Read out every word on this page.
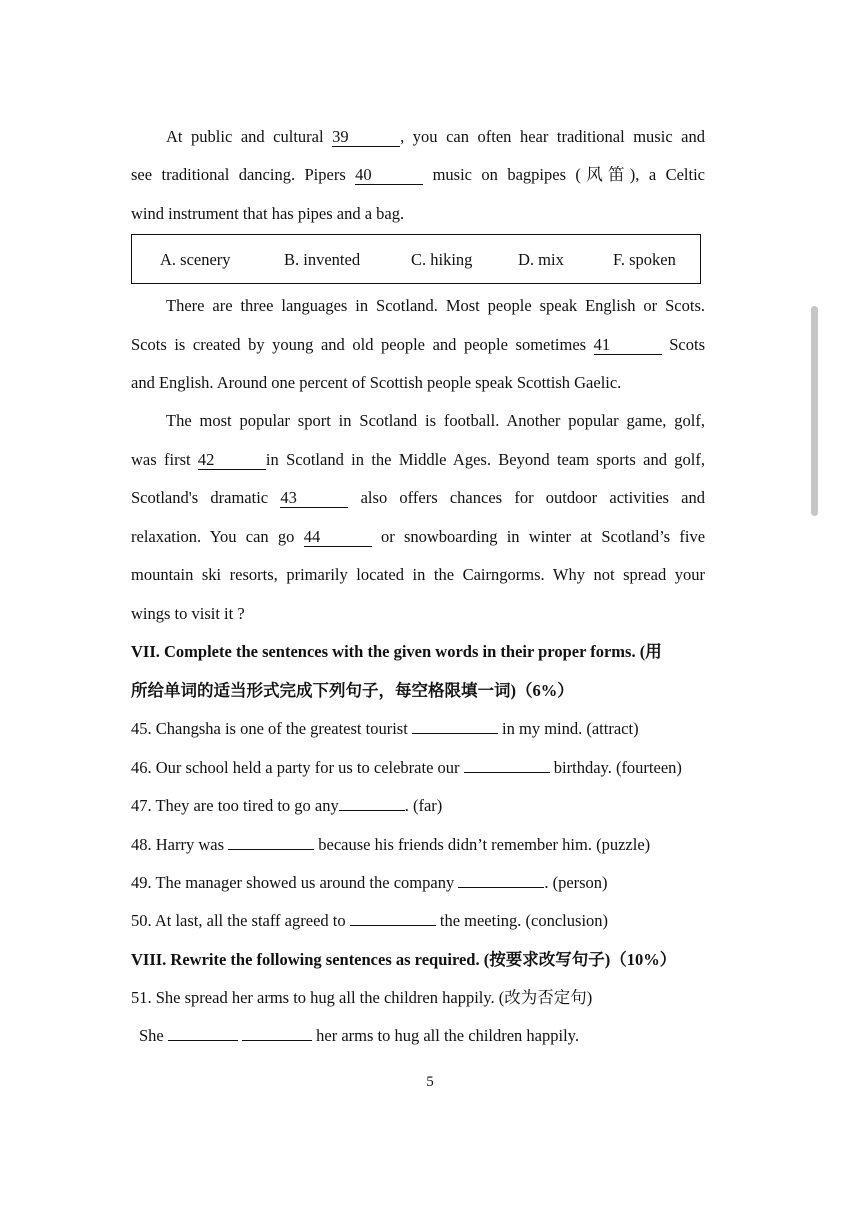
At public and cultural 39	, you can often hear traditional music and
see traditional dancing. Pipers 40	music on bagpipes (风笛), a Celtic
wind instrument that has pipes and a bag.
A. scenery	B. invented	C. hiking	D. mix	F. spoken
There are three languages in Scotland. Most people speak English or Scots.
Scots is created by young and old people and people sometimes 41	Scots
and English. Around one percent of Scottish people speak Scottish Gaelic.
The most popular sport in Scotland is football. Another popular game, golf,
was first 42	in Scotland in the Middle Ages. Beyond team sports and golf,
Scotland's dramatic 43	also offers chances for outdoor activities and
relaxation. You can go 44	or snowboarding in winter at Scotland’s five
mountain ski resorts, primarily located in the Cairngorms. Why not spread your
wings to visit it ?
VII. Complete the sentences with the given words in their proper forms. (用
所给单词的适当形式完成下列句子，每空格限填一词)（6%）
45. Changsha is one of the greatest tourist	in my mind. (attract)
46. Our school held a party for us to celebrate our	birthday. (fourteen)
47. They are too tired to go any	. (far)
48. Harry was	because his friends didn’t remember him. (puzzle)
49. The manager showed us around the company	. (person)
50. At last, all the staff agreed to	the meeting. (conclusion)
VIII. Rewrite the following sentences as required. (按要求改写句子)（10%）
51. She spread her arms to hug all the children happily. (改为否定句)
She	her arms to hug all the children happily.
5
